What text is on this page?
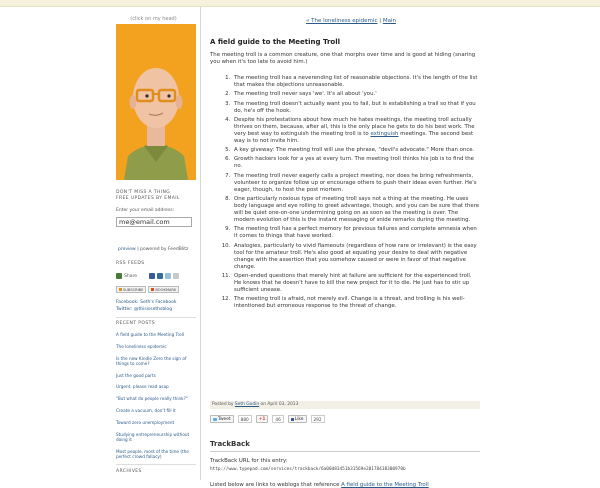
(click on my head)
DON'T MISS A THING
FREE UPDATES BY EMAIL
Enter your email address:
me@email.com
preview | powered by FeedBlitz
RSS FEEDS
Share
SUBSCRIBE	BOOKMARK
Facebook: Seth's Facebook
Twitter: @thisissethsblog
RECENT POSTS
A field guide to the Meeting Troll
The loneliness epidemic
Is the new Kindle Zero the sign of things to come?
Just the good parts
Urgent, please read asap
"But what do people really think?"
Create a vacuum, don't fill it
Toward zero unemployment
Studying entrepreneurship without doing it
Most people, most of the time (the perfect crowd fallacy)
ARCHIVES
« The loneliness epidemic | Main
A field guide to the Meeting Troll
The meeting troll is a common creature, one that morphs over time and is good at hiding (snaring you when it's too late to avoid him.)
1. The meeting troll has a neverending list of reasonable objections. It's the length of the list that makes the objections unreasonable.
2. The meeting troll never says 'we'. It's all about 'you.'
3. The meeting troll doesn't actually want you to fail, but is establishing a trail so that if you do, he's off the hook.
4. Despite his protestations about how much he hates meetings, the meeting troll actually thrives on them, because, after all, this is the only place he gets to do his best work. The very best way to extinguish the meeting troll is to extinguish meetings. The second best way is to not invite him.
5. A key giveway: The meeting troll will use the phrase, "devil's advocate." More than once.
6. Growth hackers look for a yes at every turn. The meeting troll thinks his job is to find the no.
7. The meeting troll never eagerly calls a project meeting, nor does he bring refreshments, volunteer to organize follow up or encourage others to push their ideas even further. He's eager, though, to host the post mortem.
8. One particularly noxious type of meeting troll says not a thing at the meeting. He uses body language and eye rolling to greet advantage, though, and you can be sure that there will be quiet one-on-one undermining going on as soon as the meeting is over. The modern evolution of this is the instant messaging of snide remarks during the meeting.
9. The meeting troll has a perfect memory for previous failures and complete amnesia when it comes to things that have worked.
10. Analogies, particularly to vivid flameouts (regardless of how rare or irrelevant) is the easy tool for the amateur troll. He's also good at equating your desire to deal with negative change with the assertion that you somehow caused or were in favor of that negative change.
11. Open-ended questions that merely hint at failure are sufficient for the experienced troll. He knows that he doesn't have to kill the new project for it to die. He just has to stir up sufficient unease.
12. The meeting troll is afraid, not merely evil. Change is a threat, and trolling is his well-intentioned but erroneous response to the threat of change.
Posted by Seth Godin on April 03, 2013
Tweet	880	+1	46	Like	292
TrackBack
TrackBack URL for this entry:
http://www.typepad.com/services/trackback/6a00d83451b31569e20178438300970b
Listed below are links to weblogs that reference A field guide to the Meeting Troll
